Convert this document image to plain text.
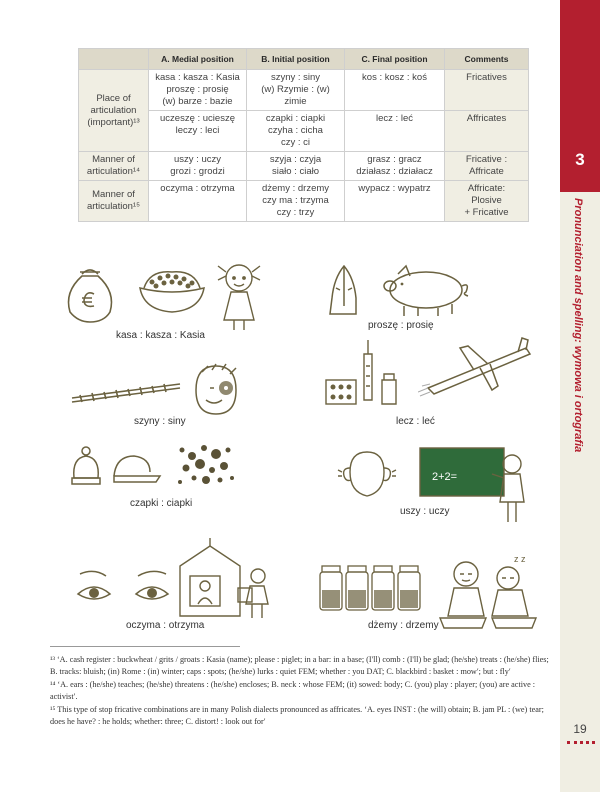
3
Pronunciation and spelling: wymowa i ortografia
19
	A. Medial position	B. Initial position	C. Final position	Comments
Place of articulation (important)¹³	kasa : kasza : Kasia
proszę : prosię
(w) barze : bazie	szyny : siny
(w) Rzymie : (w)
zimie	kos : kosz : koś	Fricatives

	uczeszę : ucieszę
leczy : leci	czapki : ciapki
czyha : cicha
czy : ci	lecz : leć	Affricates

Manner of articulation¹⁴	uszy : uczy
grozi : grodzi	szyja : czyja
siało : ciało	grasz : gracz
działasz : działacz	Fricative :
Affricate

Manner of articulation¹⁵	oczyma : otrzyma	dżemy : drzemy
czy ma : trzyma
czy : trzy	wypacz : wypatrz	Affricate:
Plosive
+ Fricative
kasa : kasza : Kasia
proszę : prosię
szyny : siny	lecz : leć
czapki : ciapki
2+2=
uszy : uczy
oczyma : otrzyma
z z
dżemy : drzemy

¹³ ʻA. cash register : buckwheat / grits / groats : Kasia (name); please : piglet; in a bar: in a base; (I'll) comb : (I'll) be glad; (he/she) treats : (he/she) flies; B. tracks: bluish; (in) Rome : (in) winter; caps : spots; (he/she) lurks : quiet FEM; whether : you DAT; C. blackbird : basket : mowʹ; but : flyʹ

¹⁴ ʻA. ears : (he/she) teaches; (he/she) threatens : (he/she) encloses; B. neck : whose FEM; (it) sowed: body; C. (you) play : player; (you) are active : activistʹ.

¹⁵ This type of stop fricative combinations are in many Polish dialects pronounced as affricates. ʻA. eyes INST : (he will) obtain; B. jam PL : (we) tear; does he have? : he holds; whether: three; C. distort! : look out forʹ
